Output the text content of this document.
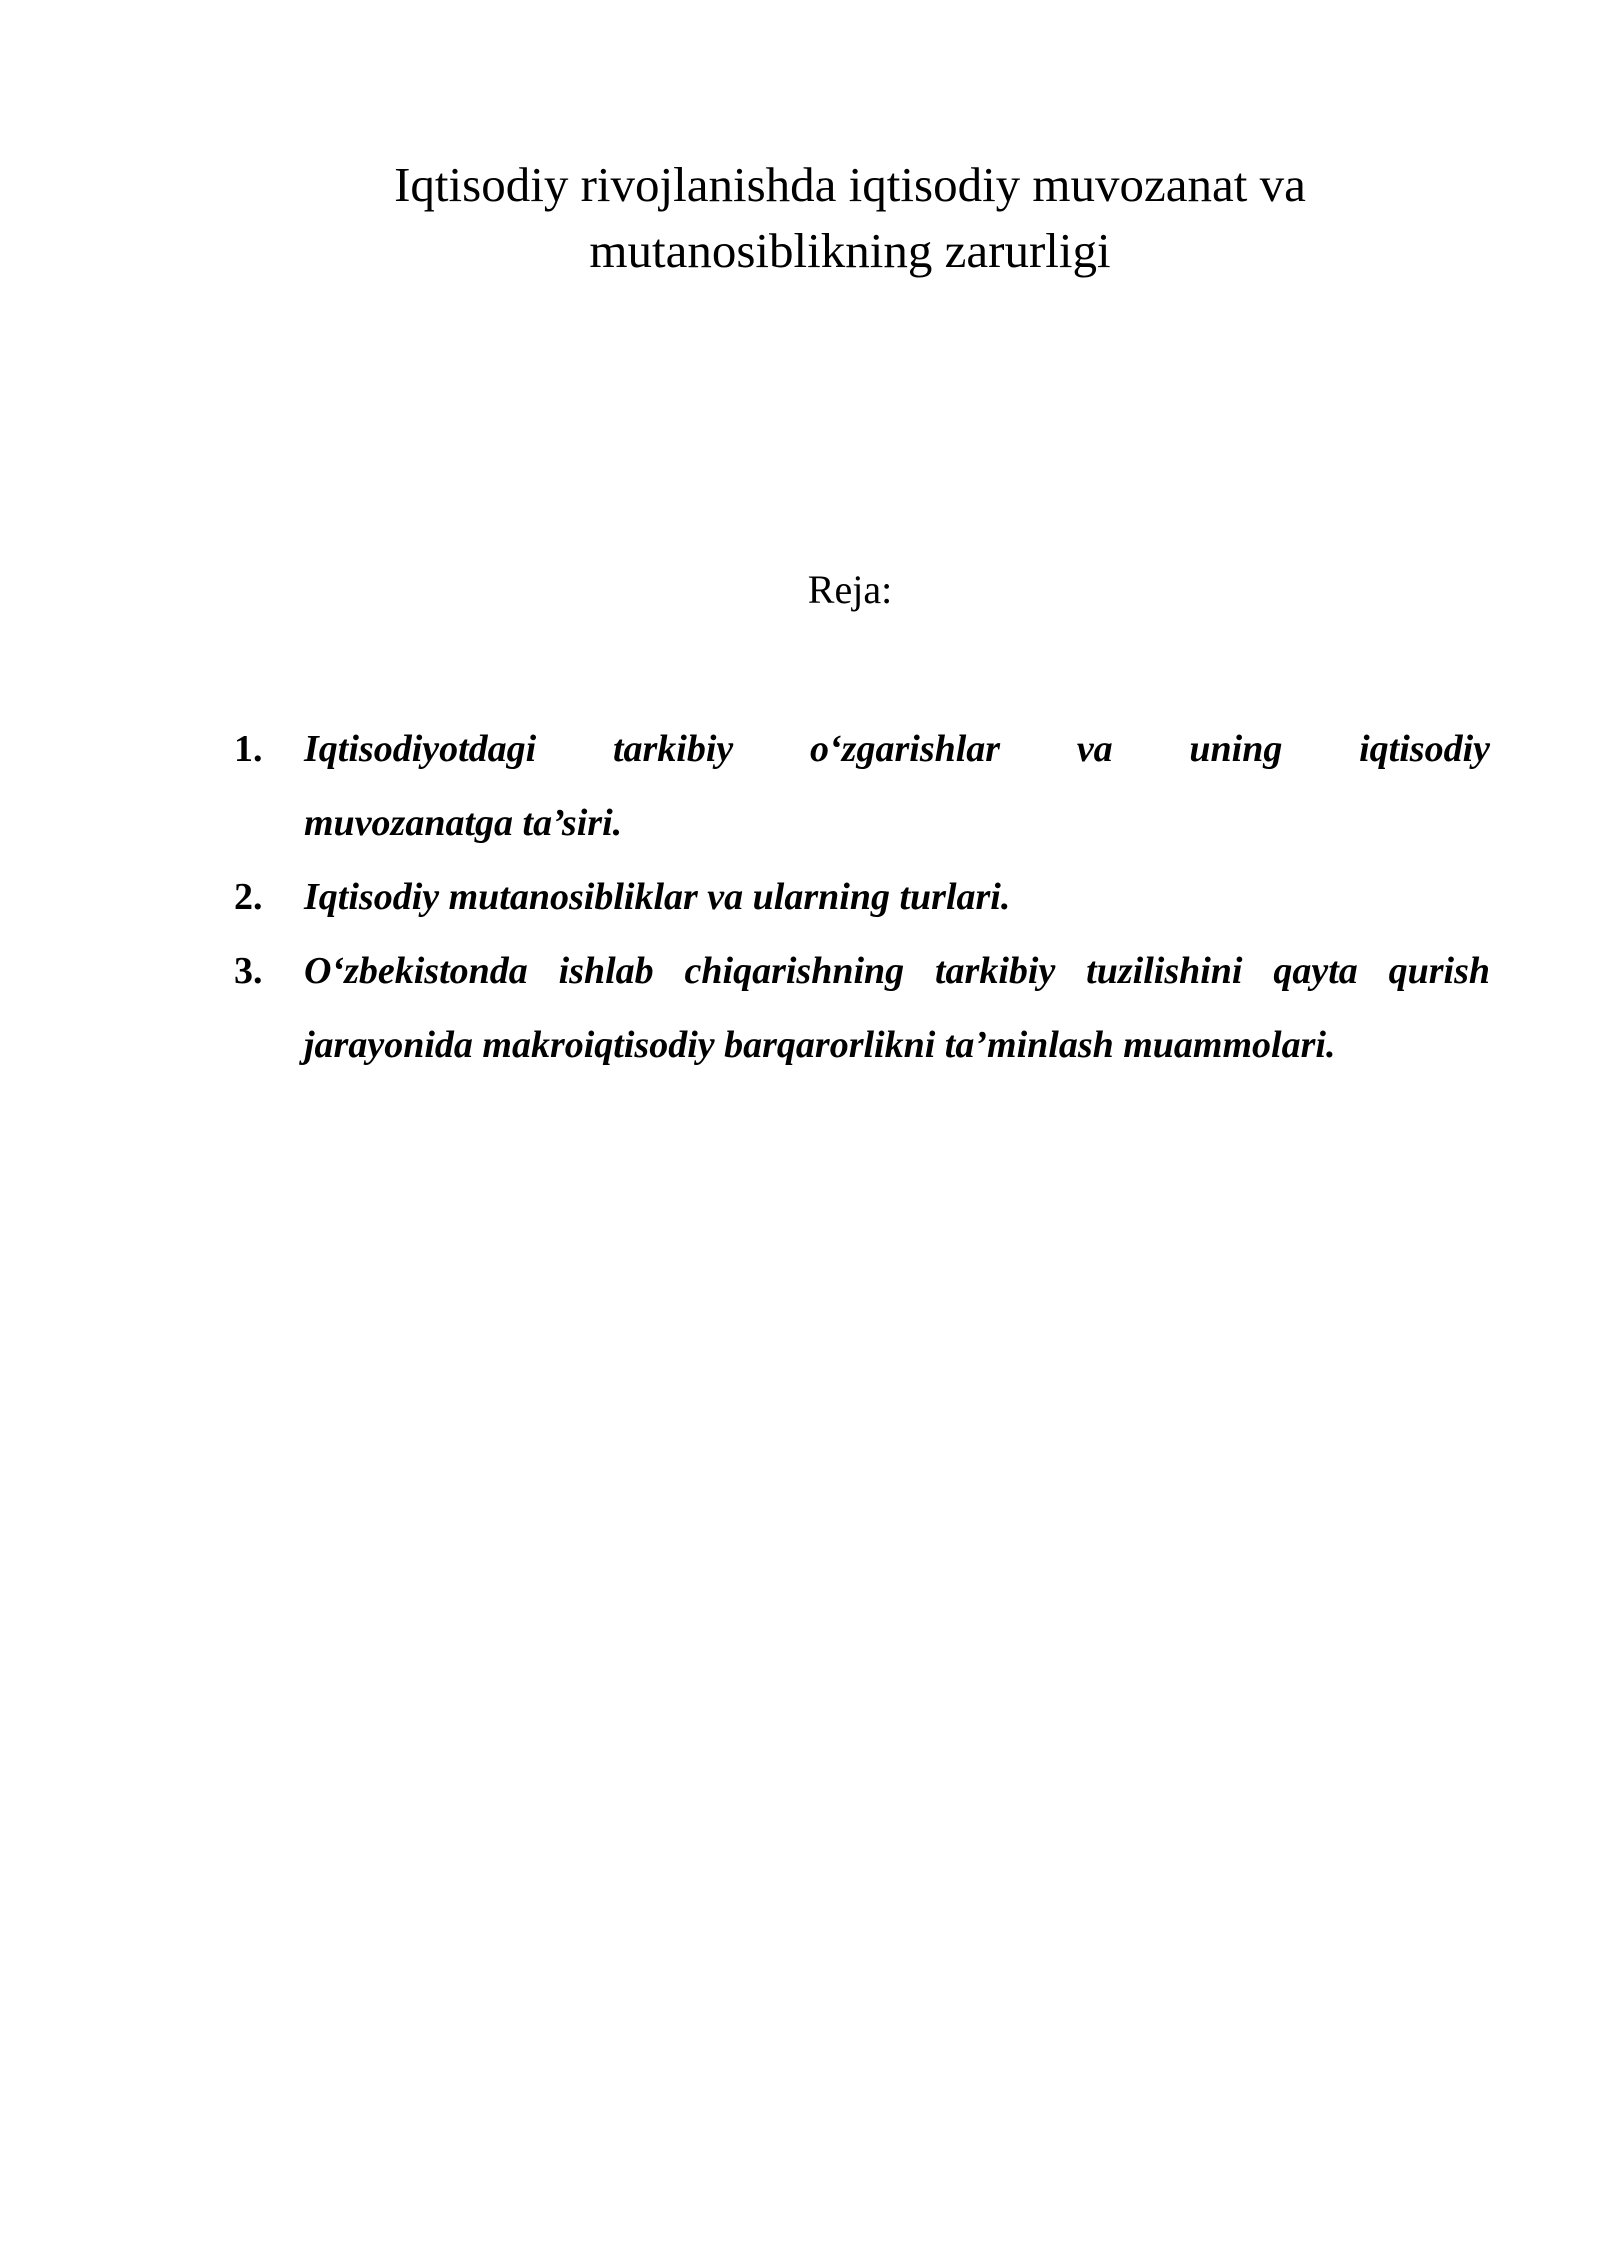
Iqtisodiy rivojlanishda iqtisodiy muvozanat va
mutanosiblikning zarurligi

Reja:

1. Iqtisodiyotdagi tarkibiy o‘zgarishlar va uning iqtisodiy
muvozanatga ta’siri.
2. Iqtisodiy mutanosibliklar va ularning turlari.
3. O‘zbekistonda ishlab chiqarishning tarkibiy tuzilishini qayta qurish
jarayonida makroiqtisodiy barqarorlikni ta’minlash muammolari.
